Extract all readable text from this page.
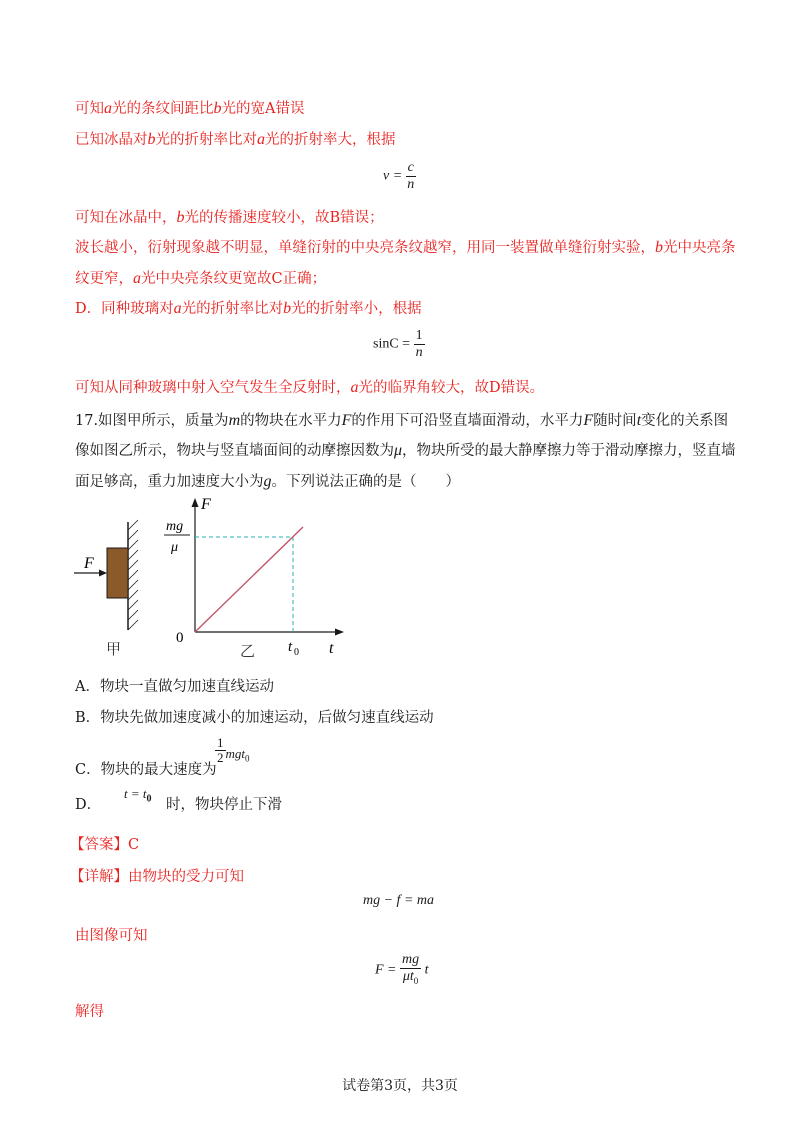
可知a光的条纹间距比b光的宽A错误
已知冰晶对b光的折射率比对a光的折射率大，根据
$v = \frac{c}{n}$
可知在冰晶中，b光的传播速度较小，故B错误；
波长越小，衍射现象越不明显，单缝衍射的中央亮条纹越窄，用同一装置做单缝衍射实验，b光中央亮条
纹更窄，a光中央亮条纹更宽故C正确；
D．同种玻璃对a光的折射率比对b光的折射率小，根据
$\sin C = \frac{1}{n}$
可知从同种玻璃中射入空气发生全反射时，a光的临界角较大，故D错误。
17.如图甲所示，质量为m的物块在水平力F的作用下可沿竖直墙面滑动，水平力F随时间t变化的关系图
像如图乙所示，物块与竖直墙面间的动摩擦因数为μ，物块所受的最大静摩擦力等于滑动摩擦力，竖直墙
面足够高，重力加速度大小为g。下列说法正确的是（　　）
F
甲
F
t
0
mg
μ
t 0
乙
A．物块一直做匀加速直线运动
B．物块先做加速度减小的加速运动，后做匀速直线运动
C．物块的最大速度为
$\frac{1}{2} mgt_0$
D．
$t = t_0$ 时，物块停止下滑
【答案】C
【详解】由物块的受力可知
mg − f = ma
由图像可知
$F = \frac{mg}{\mu t_0}$ t
解得
试卷第3页，共3页
